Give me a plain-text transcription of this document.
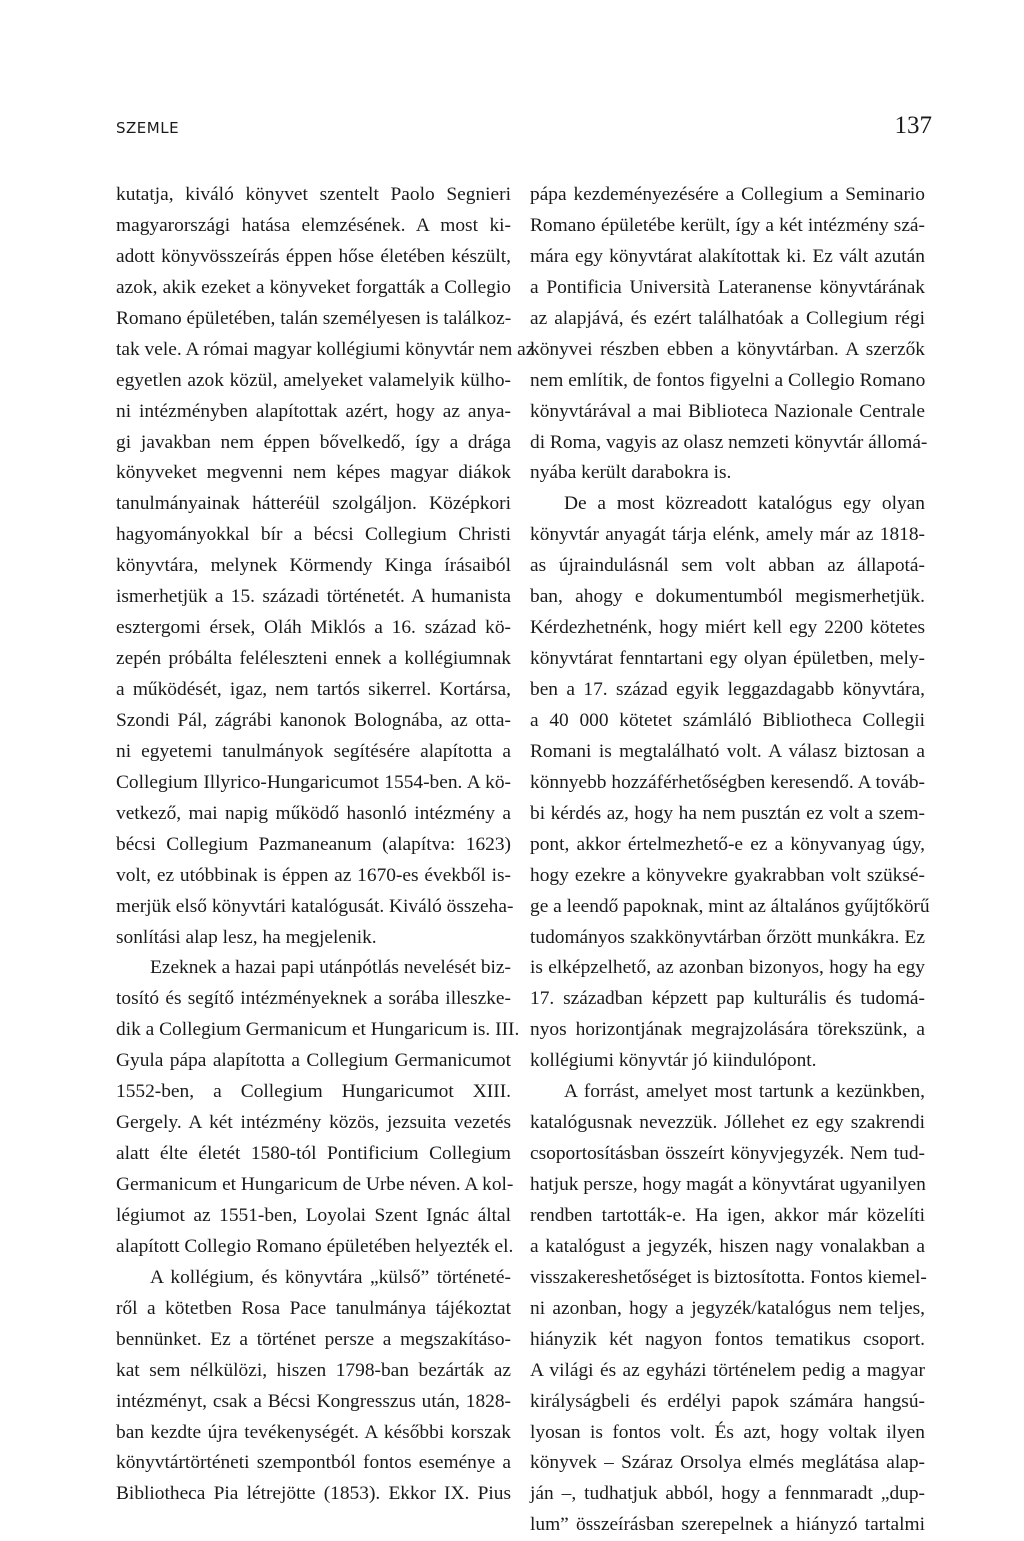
SZEMLE	137
kutatja, kiváló könyvet szentelt Paolo Segnieri
magyarországi hatása elemzésének. A most ki-
adott könyvösszeírás éppen hőse életében készült,
azok, akik ezeket a könyveket forgatták a Collegio
Romano épületében, talán személyesen is találkoz-
tak vele. A római magyar kollégiumi könyvtár nem az
egyetlen azok közül, amelyeket valamelyik külho-
ni intézményben alapítottak azért, hogy az anya-
gi javakban nem éppen bővelkedő, így a drága
könyveket megvenni nem képes magyar diákok
tanulmányainak hátteréül szolgáljon. Középkori
hagyományokkal bír a bécsi Collegium Christi
könyvtára, melynek Körmendy Kinga írásaiból
ismerhetjük a 15. századi történetét. A humanista
esztergomi érsek, Oláh Miklós a 16. század kö-
zepén próbálta feléleszteni ennek a kollégiumnak
a működését, igaz, nem tartós sikerrel. Kortársa,
Szondi Pál, zágrábi kanonok Bolognába, az otta-
ni egyetemi tanulmányok segítésére alapította a
Collegium Illyrico-Hungaricumot 1554-ben. A kö-
vetkező, mai napig működő hasonló intézmény a
bécsi Collegium Pazmaneanum (alapítva: 1623)
volt, ez utóbbinak is éppen az 1670-es évekből is-
merjük első könyvtári katalógusát. Kiváló összeha-
sonlítási alap lesz, ha megjelenik.
Ezeknek a hazai papi utánpótlás nevelését biz-
tosító és segítő intézményeknek a sorába illeszke-
dik a Collegium Germanicum et Hungaricum is. III.
Gyula pápa alapította a Collegium Germanicumot
1552-ben, a Collegium Hungaricumot XIII.
Gergely. A két intézmény közös, jezsuita vezetés
alatt élte életét 1580-tól Pontificium Collegium
Germanicum et Hungaricum de Urbe néven. A kol-
légiumot az 1551-ben, Loyolai Szent Ignác által
alapított Collegio Romano épületében helyezték el.
A kollégium, és könyvtára „külső” történeté-
ről a kötetben Rosa Pace tanulmánya tájékoztat
bennünket. Ez a történet persze a megszakításo-
kat sem nélkülözi, hiszen 1798-ban bezárták az
intézményt, csak a Bécsi Kongresszus után, 1828-
ban kezdte újra tevékenységét. A későbbi korszak
könyvtártörténeti szempontból fontos eseménye a
Bibliotheca Pia létrejötte (1853). Ekkor IX. Pius
pápa kezdeményezésére a Collegium a Seminario
Romano épületébe került, így a két intézmény szá-
mára egy könyvtárat alakítottak ki. Ez vált azután
a Pontificia Università Lateranense könyvtárának
az alapjává, és ezért találhatóak a Collegium régi
könyvei részben ebben a könyvtárban. A szerzők
nem említik, de fontos figyelni a Collegio Romano
könyvtárával a mai Biblioteca Nazionale Centrale
di Roma, vagyis az olasz nemzeti könyvtár állomá-
nyába került darabokra is.
De a most közreadott katalógus egy olyan
könyvtár anyagát tárja elénk, amely már az 1818-
as újraindulásnál sem volt abban az állapotá-
ban, ahogy e dokumentumból megismerhetjük.
Kérdezhetnénk, hogy miért kell egy 2200 kötetes
könyvtárat fenntartani egy olyan épületben, mely-
ben a 17. század egyik leggazdagabb könyvtára,
a 40 000 kötetet számláló Bibliotheca Collegii
Romani is megtalálható volt. A válasz biztosan a
könnyebb hozzáférhetőségben keresendő. A továb-
bi kérdés az, hogy ha nem pusztán ez volt a szem-
pont, akkor értelmezhető-e ez a könyvanyag úgy,
hogy ezekre a könyvekre gyakrabban volt szüksé-
ge a leendő papoknak, mint az általános gyűjtőkörű
tudományos szakkönyvtárban őrzött munkákra. Ez
is elképzelhető, az azonban bizonyos, hogy ha egy
17. században képzett pap kulturális és tudomá-
nyos horizontjának megrajzolására törekszünk, a
kollégiumi könyvtár jó kiindulópont.
A forrást, amelyet most tartunk a kezünkben,
katalógusnak nevezzük. Jóllehet ez egy szakrendi
csoportosításban összeírt könyvjegyzék. Nem tud-
hatjuk persze, hogy magát a könyvtárat ugyanilyen
rendben tartották-e. Ha igen, akkor már közelíti
a katalógust a jegyzék, hiszen nagy vonalakban a
visszakereshetőséget is biztosította. Fontos kiemel-
ni azonban, hogy a jegyzék/katalógus nem teljes,
hiányzik két nagyon fontos tematikus csoport.
A világi és az egyházi történelem pedig a magyar
királyságbeli és erdélyi papok számára hangsú-
lyosan is fontos volt. És azt, hogy voltak ilyen
könyvek – Száraz Orsolya elmés meglátása alap-
ján –, tudhatjuk abból, hogy a fennmaradt „dup-
lum” összeírásban szerepelnek a hiányzó tartalmi
